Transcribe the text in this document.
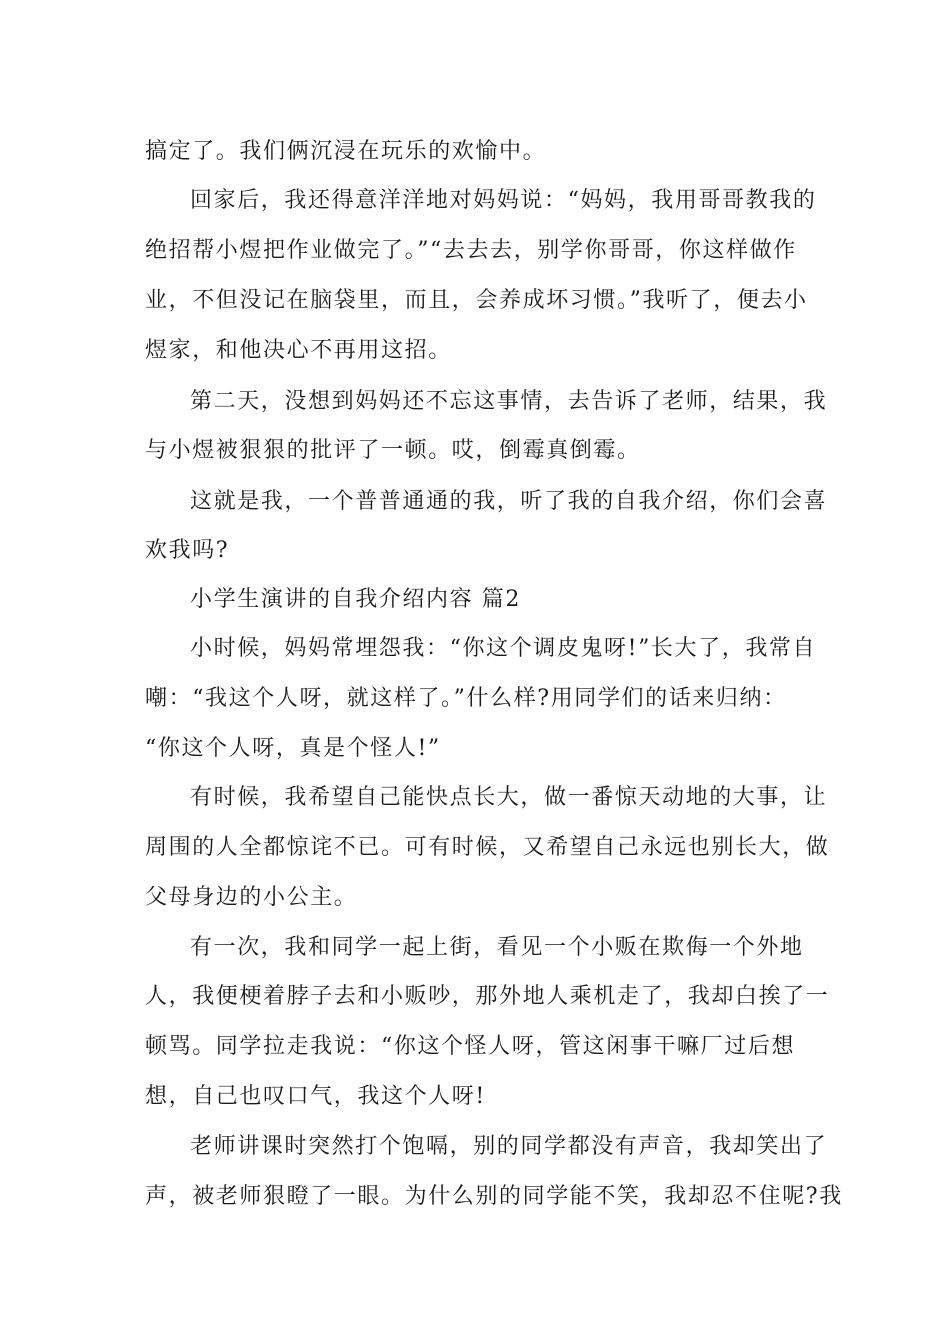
搞定了。我们俩沉浸在玩乐的欢愉中。
回家后，我还得意洋洋地对妈妈说：“妈妈，我用哥哥教我的
绝招帮小煜把作业做完了。”“去去去，别学你哥哥，你这样做作
业，不但没记在脑袋里，而且，会养成坏习惯。”我听了，便去小
煜家，和他决心不再用这招。
第二天，没想到妈妈还不忘这事情，去告诉了老师，结果，我
与小煜被狠狠的批评了一顿。哎，倒霉真倒霉。
这就是我，一个普普通通的我，听了我的自我介绍，你们会喜
欢我吗?
小学生演讲的自我介绍内容 篇2
小时候，妈妈常埋怨我：“你这个调皮鬼呀!”长大了，我常自
嘲：“我这个人呀，就这样了。”什么样?用同学们的话来归纳：
“你这个人呀，真是个怪人!”
有时候，我希望自己能快点长大，做一番惊天动地的大事，让
周围的人全都惊诧不已。可有时候，又希望自己永远也别长大，做
父母身边的小公主。
有一次，我和同学一起上街，看见一个小贩在欺侮一个外地
人，我便梗着脖子去和小贩吵，那外地人乘机走了，我却白挨了一
顿骂。同学拉走我说：“你这个怪人呀，管这闲事干嘛厂过后想
想，自己也叹口气，我这个人呀!
老师讲课时突然打个饱嗝，别的同学都没有声音，我却笑出了
声，被老师狠瞪了一眼。为什么别的同学能不笑，我却忍不住呢?我
